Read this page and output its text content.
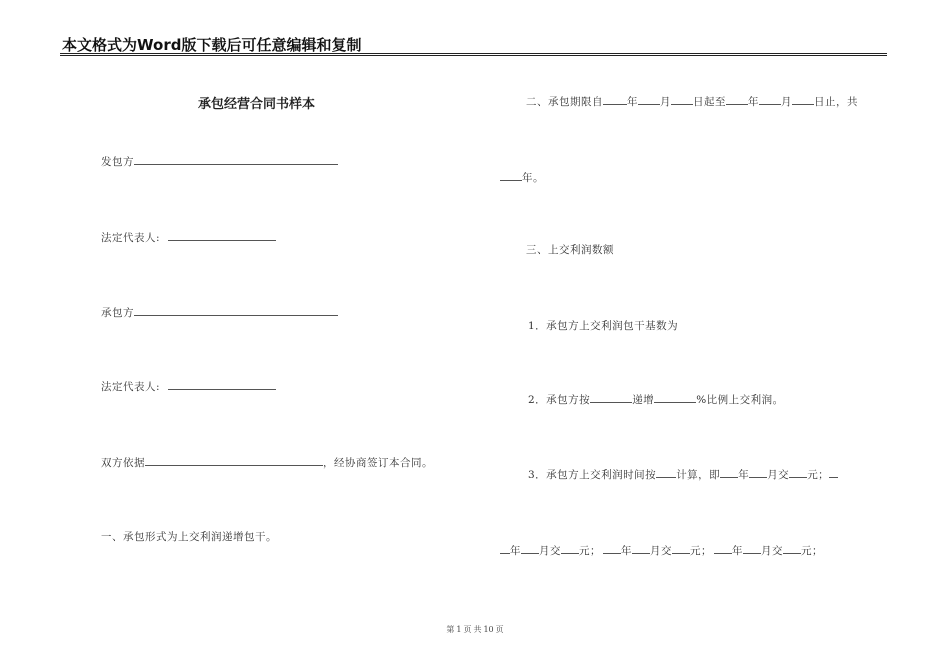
本文格式为Word版下载后可任意编辑和复制
承包经营合同书样本
发包方
法定代表人:
承包方
法定代表人:
双方依据	，经协商签订本合同。
一、承包形式为上交利润递增包干。
二、承包期限自 年 月 日起至 年 月 日止，共
年。
三、上交利润数额
1．承包方上交利润包干基数为
2．承包方按	递增	%比例上交利润。
3．承包方上交利润时间按 计算，即 年 月交 元；
年 月交 元； 年 月交 元； 年 月交 元；
第 1 页 共 10 页
